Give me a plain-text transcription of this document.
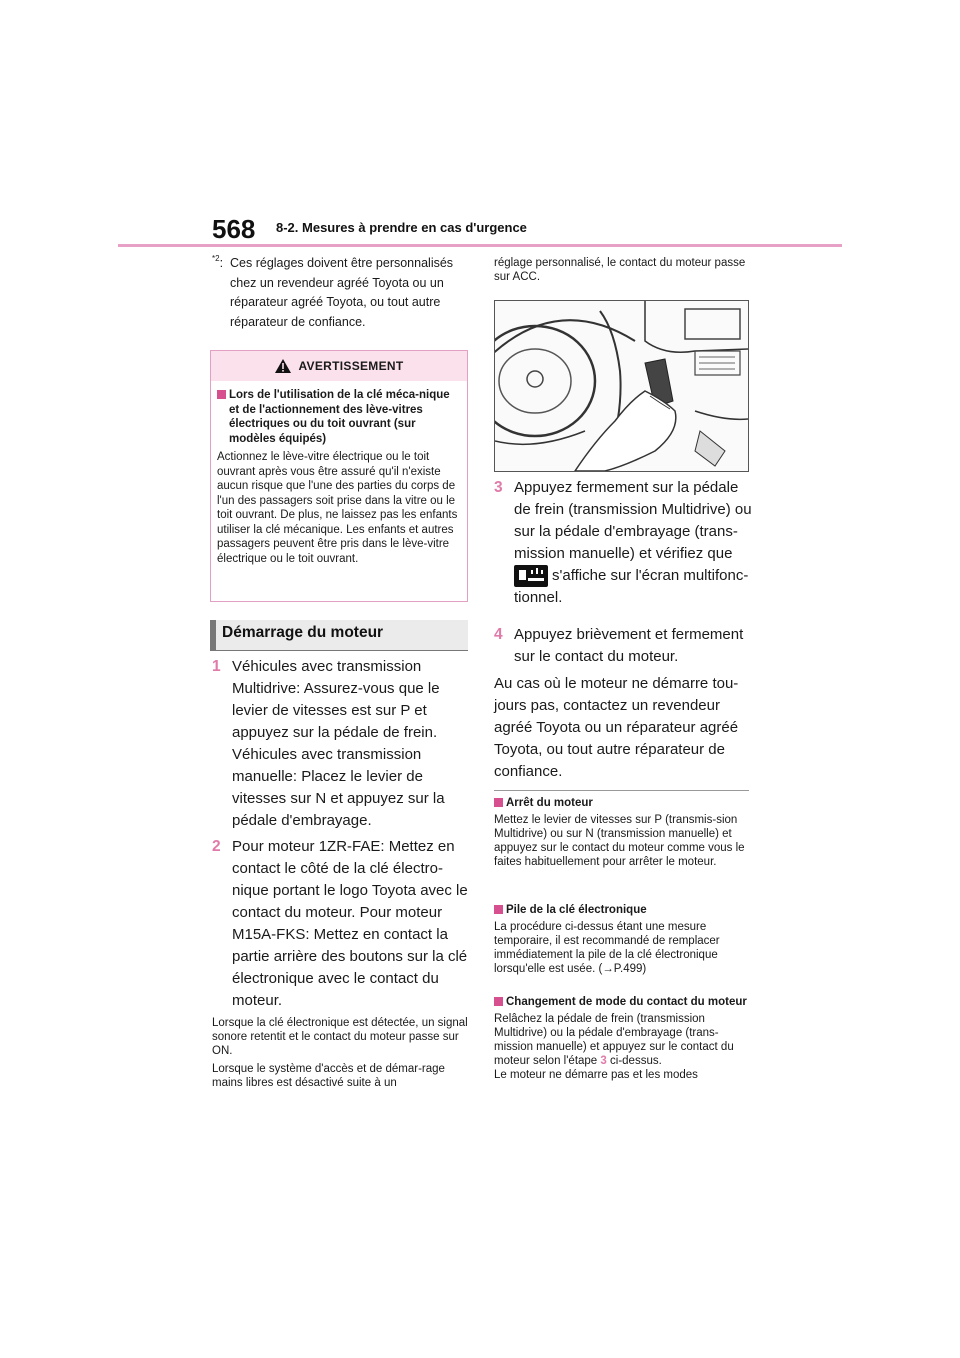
568 8-2. Mesures à prendre en cas d'urgence
$^{*2}$: Ces réglages doivent être personnalisés chez un revendeur agréé Toyota ou un réparateur agréé Toyota, ou tout autre réparateur de confiance.
AVERTISSEMENT
Lors de l'utilisation de la clé méca-nique et de l'actionnement des lève-vitres électriques ou du toit ouvrant (sur modèles équipés)
Actionnez le lève-vitre électrique ou le toit ouvrant après vous être assuré qu'il n'existe aucun risque que l'une des parties du corps de l'un des passagers soit prise dans la vitre ou le toit ouvrant. De plus, ne laissez pas les enfants utiliser la clé mécanique. Les enfants et autres passagers peuvent être pris dans le lève-vitre électrique ou le toit ouvrant.
Démarrage du moteur
1 Véhicules avec transmission Multidrive: Assurez-vous que le levier de vitesses est sur P et appuyez sur la pédale de frein. Véhicules avec transmission manuelle: Placez le levier de vitesses sur N et appuyez sur la pédale d'embrayage.
2 Pour moteur 1ZR-FAE: Mettez en contact le côté de la clé électro-nique portant le logo Toyota avec le contact du moteur. Pour moteur M15A-FKS: Mettez en contact la partie arrière des boutons sur la clé électronique avec le contact du moteur.
Lorsque la clé électronique est détectée, un signal sonore retentit et le contact du moteur passe sur ON.
Lorsque le système d'accès et de démar-rage mains libres est désactivé suite à un
réglage personnalisé, le contact du moteur passe sur ACC.
3 Appuyez fermement sur la pédale de frein (transmission Multidrive) ou sur la pédale d'embrayage (trans-mission manuelle) et vérifiez que
s'affiche sur l'écran multifonc-tionnel.
4 Appuyez brièvement et fermement sur le contact du moteur.
Au cas où le moteur ne démarre tou-jours pas, contactez un revendeur agréé Toyota ou un réparateur agréé Toyota, ou tout autre réparateur de confiance.
Arrêt du moteur
Mettez le levier de vitesses sur P (transmis-sion Multidrive) ou sur N (transmission manuelle) et appuyez sur le contact du moteur comme vous le faites habituellement pour arrêter le moteur.
Pile de la clé électronique
La procédure ci-dessus étant une mesure temporaire, il est recommandé de remplacer immédiatement la pile de la clé électronique lorsqu'elle est usée. (→P.499)
Changement de mode du contact du moteur
Relâchez la pédale de frein (transmission Multidrive) ou la pédale d'embrayage (trans-mission manuelle) et appuyez sur le contact du moteur selon l'étape 3 ci-dessus.
Le moteur ne démarre pas et les modes
